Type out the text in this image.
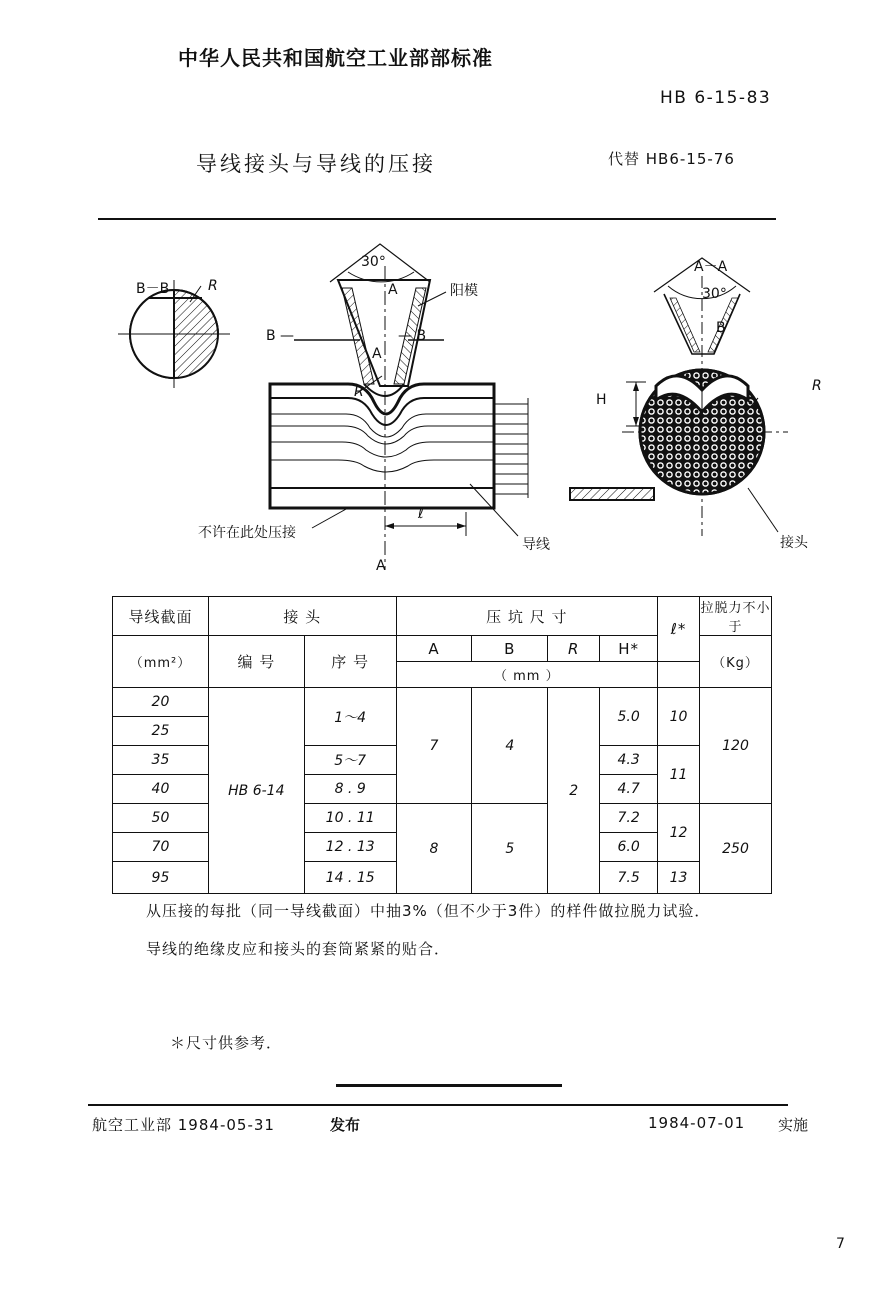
中华人民共和国航空工业部部标准
HB 6-15-83
导线接头与导线的压接	代替 HB6-15-76
B－B	R
30°
A	阳模
B —	— B
A
R
不许在此处压接
ℓ
A
导线
A－A
30°
B
R
H
接头
导线截面	接 头		压 坑 尺 寸				ℓ*	拉脱力不小于
（mm²）	编 号	序 号	A	B	R	H*		（Kg）
			（ mm ）				
20	HB 6-14	1～4	7	4	2	5.0	10	120
25								
35		5～7				4.3	11	
40		8 . 9				4.7		
50		10 . 11	8	5		7.2	12	250
70		12 . 13				6.0		
95		14 . 15				7.5	13	
从压接的每批（同一导线截面）中抽3%（但不少于3件）的样件做拉脱力试验．
导线的绝缘皮应和接头的套筒紧紧的贴合．
＊尺寸供参考．
航空工业部 1984-05-31	发布	1984-07-01 实施
7
